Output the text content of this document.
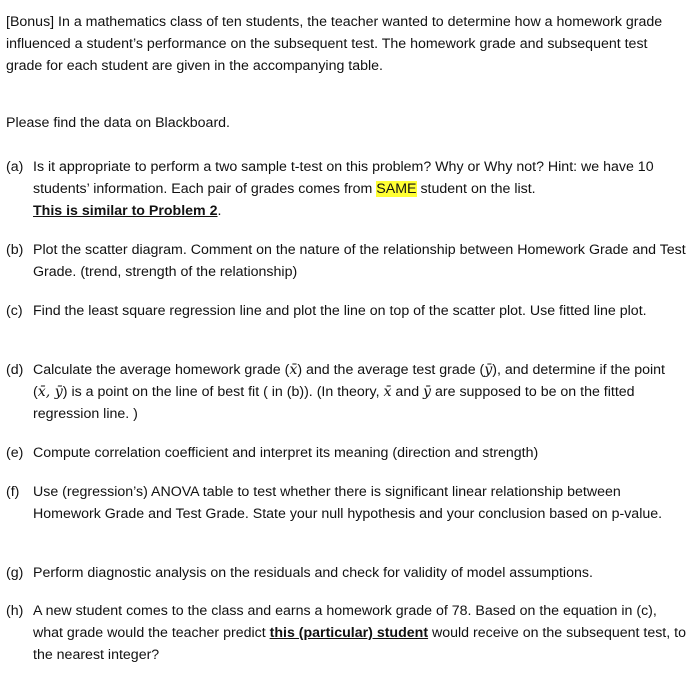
[Bonus] In a mathematics class of ten students, the teacher wanted to determine how a homework grade influenced a student’s performance on the subsequent test. The homework grade and subsequent test grade for each student are given in the accompanying table.
Please find the data on Blackboard.
(a) Is it appropriate to perform a two sample t-test on this problem? Why or Why not? Hint: we have 10 students’ information. Each pair of grades comes from SAME student on the list.
This is similar to Problem 2.
(b) Plot the scatter diagram. Comment on the nature of the relationship between Homework Grade and Test Grade. (trend, strength of the relationship)
(c) Find the least square regression line and plot the line on top of the scatter plot. Use fitted line plot.
(d) Calculate the average homework grade (x̄) and the average test grade (ȳ), and determine if the point (x̄, ȳ) is a point on the line of best fit ( in (b)). (In theory, x̄ and ȳ are supposed to be on the fitted regression line. )
(e) Compute correlation coefficient and interpret its meaning (direction and strength)
(f) Use (regression’s) ANOVA table to test whether there is significant linear relationship between Homework Grade and Test Grade. State your null hypothesis and your conclusion based on p-value.
(g) Perform diagnostic analysis on the residuals and check for validity of model assumptions.
(h) A new student comes to the class and earns a homework grade of 78. Based on the equation in (c), what grade would the teacher predict this (particular) student would receive on the subsequent test, to the nearest integer?
